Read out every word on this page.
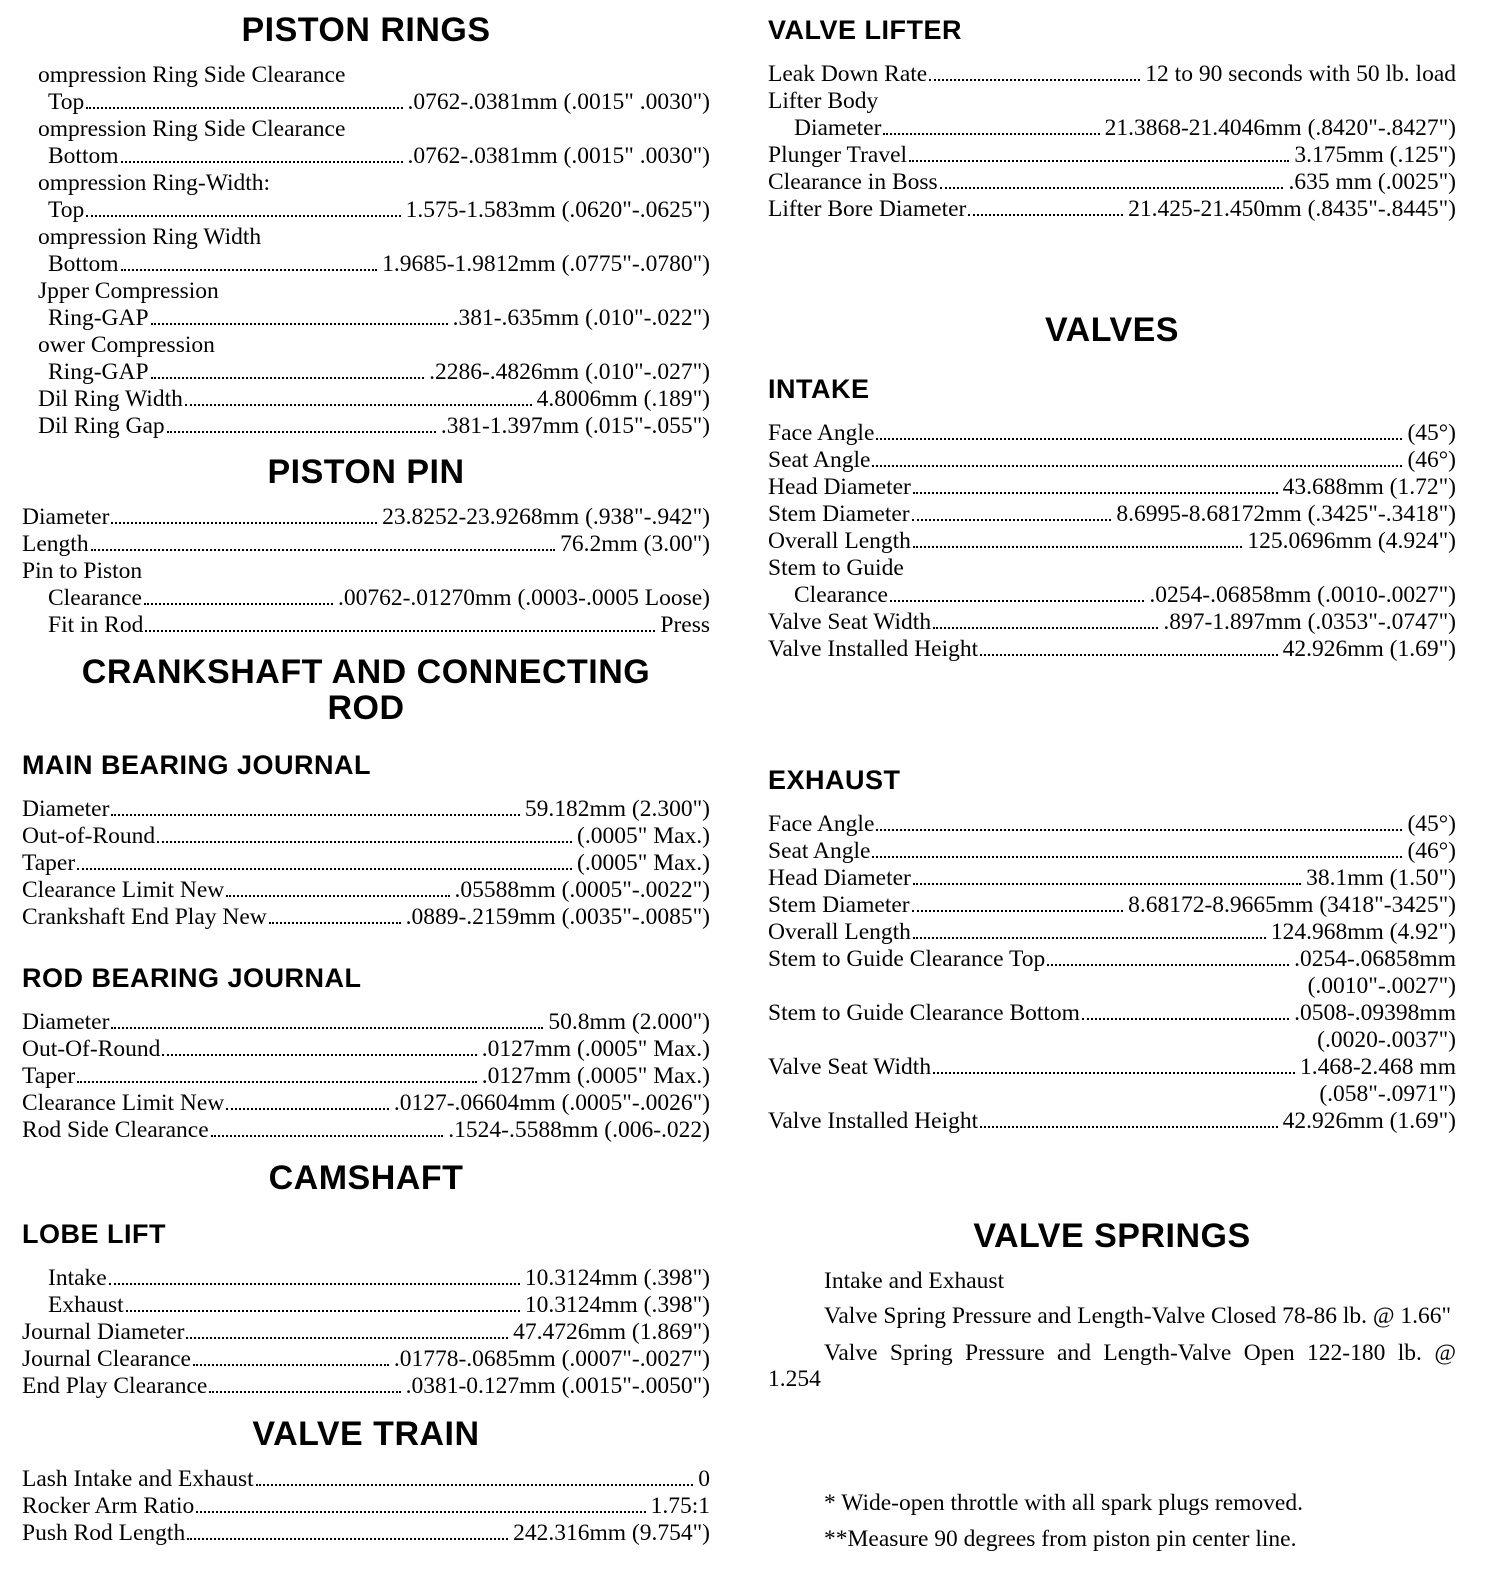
PISTON RINGS
ompression Ring Side Clearance
Top	.0762-.0381mm (.0015" .0030")
ompression Ring Side Clearance
Bottom	.0762-.0381mm (.0015" .0030")
ompression Ring-Width:
Top	1.575-1.583mm (.0620"-.0625")
ompression Ring Width
Bottom	1.9685-1.9812mm (.0775"-.0780")
Jpper Compression
Ring-GAP	.381-.635mm (.010"-.022")
ower Compression
Ring-GAP	.2286-.4826mm (.010"-.027")
Dil Ring Width	4.8006mm (.189")
Dil Ring Gap	.381-1.397mm (.015"-.055")
PISTON PIN
Diameter	23.8252-23.9268mm (.938"-.942")
Length	76.2mm (3.00")
Pin to Piston
Clearance	.00762-.01270mm (.0003-.0005 Loose)
Fit in Rod	Press
CRANKSHAFT AND CONNECTING ROD
MAIN BEARING JOURNAL
Diameter	59.182mm (2.300")
Out-of-Round	(.0005" Max.)
Taper	(.0005" Max.)
Clearance Limit New	.05588mm (.0005"-.0022")
Crankshaft End Play New	.0889-.2159mm (.0035"-.0085")
ROD BEARING JOURNAL
Diameter	50.8mm (2.000")
Out-Of-Round	.0127mm (.0005" Max.)
Taper	.0127mm (.0005" Max.)
Clearance Limit New	.0127-.06604mm (.0005"-.0026")
Rod Side Clearance	.1524-.5588mm (.006-.022)
CAMSHAFT
LOBE LIFT
Intake	10.3124mm (.398")
Exhaust	10.3124mm (.398")
Journal Diameter	47.4726mm (1.869")
Journal Clearance	.01778-.0685mm (.0007"-.0027")
End Play Clearance	.0381-0.127mm (.0015"-.0050")
VALVE TRAIN
Lash Intake and Exhaust	0
Rocker Arm Ratio	1.75:1
Push Rod Length	242.316mm (9.754")
VALVE LIFTER
Leak Down Rate	12 to 90 seconds with 50 lb. load
Lifter Body
Diameter	21.3868-21.4046mm (.8420"-.8427")
Plunger Travel	3.175mm (.125")
Clearance in Boss	.635 mm (.0025")
Lifter Bore Diameter	21.425-21.450mm (.8435"-.8445")
VALVES
INTAKE
Face Angle	(45°)
Seat Angle	(46°)
Head Diameter	43.688mm (1.72")
Stem Diameter	8.6995-8.68172mm (.3425"-.3418")
Overall Length	125.0696mm (4.924")
Stem to Guide
Clearance	.0254-.06858mm (.0010-.0027")
Valve Seat Width	.897-1.897mm (.0353"-.0747")
Valve Installed Height	42.926mm (1.69")
EXHAUST
Face Angle	(45°)
Seat Angle	(46°)
Head Diameter	38.1mm (1.50")
Stem Diameter	8.68172-8.9665mm (3418"-3425")
Overall Length	124.968mm (4.92")
Stem to Guide Clearance Top	.0254-.06858mm
(.0010"-.0027")
Stem to Guide Clearance Bottom	.0508-.09398mm
(.0020-.0037")
Valve Seat Width	1.468-2.468 mm
(.058"-.0971")
Valve Installed Height	42.926mm (1.69")
VALVE SPRINGS
Intake and Exhaust
Valve Spring Pressure and Length-Valve Closed 78-86 lb. @ 1.66"
Valve Spring Pressure and Length-Valve Open 122-180 lb. @ 1.254
* Wide-open throttle with all spark plugs removed.
**Measure 90 degrees from piston pin center line.
